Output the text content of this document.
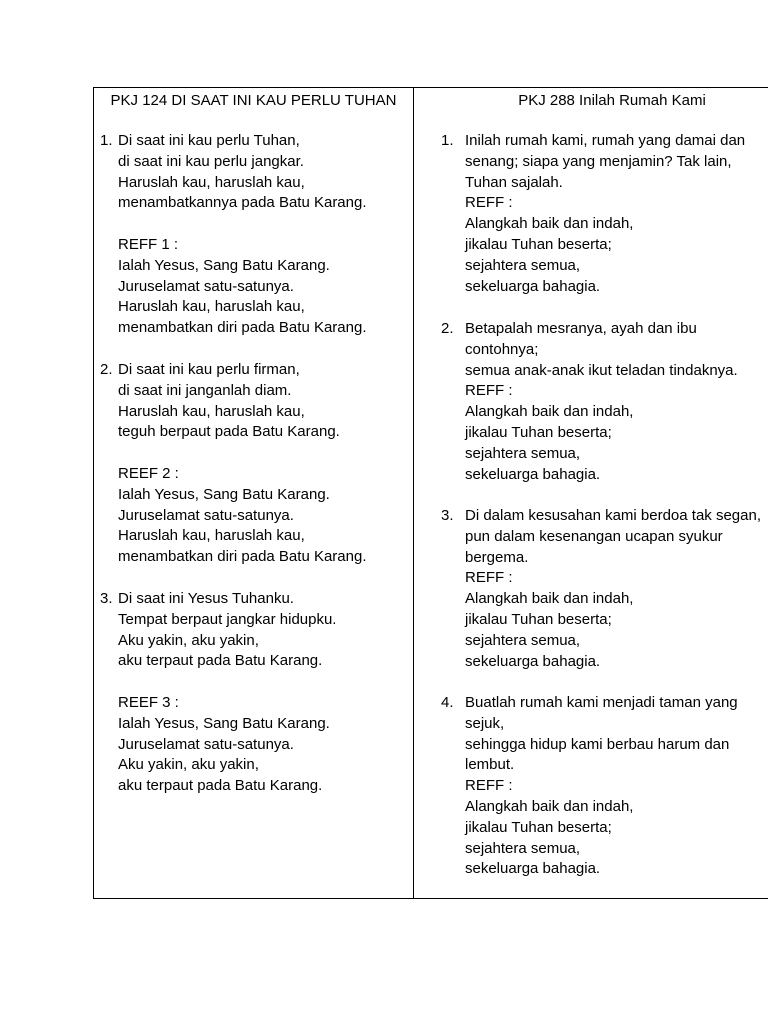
PKJ 124 DI SAAT INI KAU PERLU TUHAN
1. Di saat ini kau perlu Tuhan,
di saat ini kau perlu jangkar.
Haruslah kau, haruslah kau,
menambatkannya pada Batu Karang.
REFF 1 :
Ialah Yesus, Sang Batu Karang.
Juruselamat satu-satunya.
Haruslah kau, haruslah kau,
menambatkan diri pada Batu Karang.
2. Di saat ini kau perlu firman,
di saat ini janganlah diam.
Haruslah kau, haruslah kau,
teguh berpaut pada Batu Karang.
REEF 2 :
Ialah Yesus, Sang Batu Karang.
Juruselamat satu-satunya.
Haruslah kau, haruslah kau,
menambatkan diri pada Batu Karang.
3. Di saat ini Yesus Tuhanku.
Tempat berpaut jangkar hidupku.
Aku yakin, aku yakin,
aku terpaut pada Batu Karang.
REEF 3 :
Ialah Yesus, Sang Batu Karang.
Juruselamat satu-satunya.
Aku yakin, aku yakin,
aku terpaut pada Batu Karang.
PKJ 288 Inilah Rumah Kami
1. Inilah rumah kami, rumah yang damai dan
senang; siapa yang menjamin? Tak lain,
Tuhan sajalah.
REFF :
Alangkah baik dan indah,
jikalau Tuhan beserta;
sejahtera semua,
sekeluarga bahagia.
2. Betapalah mesranya, ayah dan ibu
contohnya;
semua anak-anak ikut teladan tindaknya.
REFF :
Alangkah baik dan indah,
jikalau Tuhan beserta;
sejahtera semua,
sekeluarga bahagia.
3. Di dalam kesusahan kami berdoa tak segan,
pun dalam kesenangan ucapan syukur
bergema.
REFF :
Alangkah baik dan indah,
jikalau Tuhan beserta;
sejahtera semua,
sekeluarga bahagia.
4. Buatlah rumah kami menjadi taman yang
sejuk,
sehingga hidup kami berbau harum dan
lembut.
REFF :
Alangkah baik dan indah,
jikalau Tuhan beserta;
sejahtera semua,
sekeluarga bahagia.
